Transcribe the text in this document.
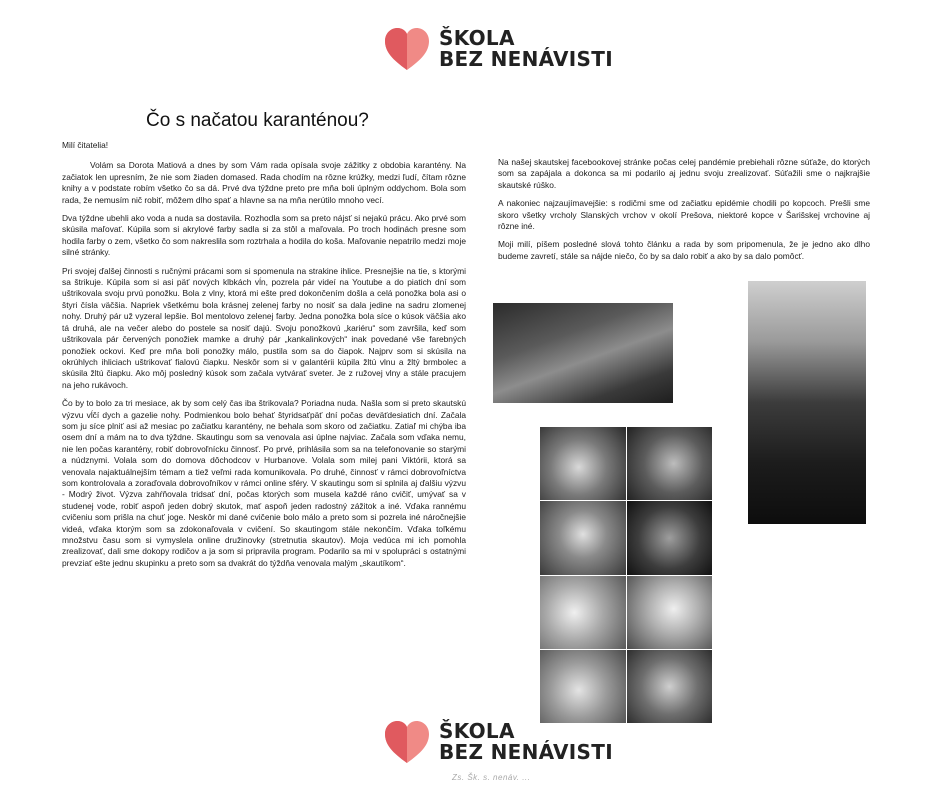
ŠKOLA
BEZ NENÁVISTI
Čo s načatou karanténou?

Milí čitatelia!

Volám sa Dorota Matiová a dnes by som Vám rada opísala svoje zážitky z obdobia karantény. Na začiatok len upresním, že nie som žiaden domased. Rada chodím na rôzne krúžky, medzi ľudí, čítam rôzne knihy a v podstate robím všetko čo sa dá. Prvé dva týždne preto pre mňa boli úplným oddychom. Bola som rada, že nemusím nič robiť, môžem dlho spať a hlavne sa na mňa nerútilo mnoho vecí.

Dva týždne ubehli ako voda a nuda sa dostavila. Rozhodla som sa preto nájsť si nejakú prácu. Ako prvé som skúsila maľovať. Kúpila som si akrylové farby sadla si za stôl a maľovala. Po troch hodinách presne som hodila farby o zem, všetko čo som nakreslila som roztrhala a hodila do koša. Maľovanie nepatrilo medzi moje silné stránky.

Pri svojej ďalšej činnosti s ručnými prácami som si spomenula na strakine ihlice. Presnejšie na tie, s ktorými sa štrikuje. Kúpila som si asi päť nových klbkách vĺn, pozrela pár videí na Youtube a do piatich dní som uštrikovala svoju prvú ponožku. Bola z vlny, ktorá mi ešte pred dokončením došla a celá ponožka bola asi o štyri čísla väčšia. Napriek všetkému bola krásnej zelenej farby no nosiť sa dala jedine na sadru zlomenej nohy. Druhý pár už vyzeral lepšie. Bol mentolovo zelenej farby. Jedna ponožka bola síce o kúsok väčšia ako tá druhá, ale na večer alebo do postele sa nosiť dajú. Svoju ponožkovú „kariéru“ som završila, keď som uštrikovala pár červených ponožiek mamke a druhý pár „kankalinkových“ inak povedané vše farebných ponožiek ockovi. Keď pre mňa boli ponožky málo, pustila som sa do čiapok. Najprv som si skúsila na okrúhlych ihliciach uštrikovať fialovú čiapku. Neskôr som si v galantérii kúpila žltú vlnu a žltý brmbolec a skúsila žltú čiapku. Ako môj posledný kúsok som začala vytvárať sveter. Je z ružovej vlny a stále pracujem na jeho rukávoch.

Čo by to bolo za tri mesiace, ak by som celý čas iba štrikovala? Poriadna nuda. Našla som si preto skautskú výzvu vĺčí dych a gazelie nohy. Podmienkou bolo behať štyridsaťpäť dní počas deväťdesiatich dní. Začala som ju síce plniť asi až mesiac po začiatku karantény, ne behala som skoro od začiatku. Zatiaľ mi chýba iba osem dní a mám na to dva týždne. Skautingu som sa venovala asi úplne najviac. Začala som vďaka nemu, nie len počas karantény, robiť dobrovoľnícku činnosť. Po prvé, prihlásila som sa na telefonovanie so starými a núdznymi. Volala som do domova dôchodcov v Hurbanove. Volala som milej pani Viktórii, ktorá sa venovala najaktuálnejším témam a tiež veľmi rada komunikovala. Po druhé, činnosť v rámci dobrovoľníctva som kontrolovala a zoraďovala dobrovoľníkov v rámci online sféry. V skautingu som si splnila aj ďalšiu výzvu - Modrý život. Výzva zahŕňovala tridsať dní, počas ktorých som musela každé ráno cvičiť, umývať sa v studenej vode, robiť aspoň jeden dobrý skutok, mať aspoň jeden radostný zážitok a iné. Vďaka rannému cvičeniu som prišla na chuť joge. Neskôr mi dané cvičenie bolo málo a preto som si pozrela iné náročnejšie videá, vďaka ktorým som sa zdokonaľovala v cvičení. So skautingom stále nekončím. Vďaka toľkému množstvu času som si vymyslela online družinovky (stretnutia skautov). Moja vedúca mi ich pomohla zrealizovať, dali sme dokopy rodičov a ja som si pripravila program. Podarilo sa mi v spolupráci s ostatnými prevziať ešte jednu skupinku a preto som sa dvakrát do týždňa venovala malým „skautíkom“.

Na našej skautskej facebookovej stránke počas celej pandémie prebiehali rôzne súťaže, do ktorých som sa zapájala a dokonca sa mi podarilo aj jednu svoju zrealizovať. Súťažili sme o najkrajšie skautské rúško.

A nakoniec najzaujímavejšie: s rodičmi sme od začiatku epidémie chodili po kopcoch. Prešli sme skoro všetky vrcholy Slanských vrchov v okolí Prešova, niektoré kopce v Šarišskej vrchovine aj rôzne iné.

Moji milí, píšem posledné slová tohto článku a rada by som pripomenula, že je jedno ako dlho budeme zavretí, stále sa nájde niečo, čo by sa dalo robiť a ako by sa dalo pomôcť.

ŠKOLA
BEZ NENÁVISTI
Zs. Šk. s. nenáv. ...
